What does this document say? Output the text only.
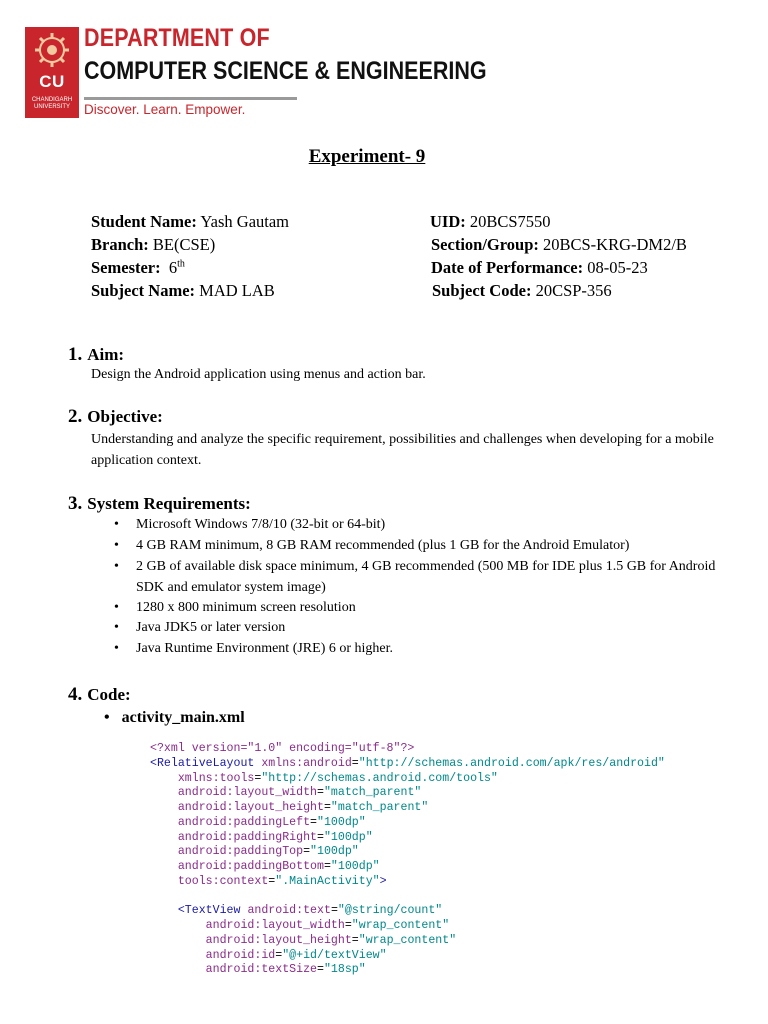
CU
CHANDIGARH
UNIVERSITY
DEPARTMENT OF
COMPUTER SCIENCE & ENGINEERING
Discover. Learn. Empower.
Experiment- 9
Student Name: Yash Gautam	UID: 20BCS7550
Branch: BE(CSE)	Section/Group: 20BCS-KRG-DM2/B
Semester: 6th	Date of Performance: 08-05-23
Subject Name: MAD LAB	Subject Code: 20CSP-356
1. Aim:
Design the Android application using menus and action bar.
2. Objective:
Understanding and analyze the specific requirement, possibilities and challenges when developing for a mobile application context.
3. System Requirements:
•	Microsoft Windows 7/8/10 (32-bit or 64-bit)
•	4 GB RAM minimum, 8 GB RAM recommended (plus 1 GB for the Android Emulator)
•	2 GB of available disk space minimum, 4 GB recommended (500 MB for IDE plus 1.5 GB for Android SDK and emulator system image)
•	1280 x 800 minimum screen resolution
•	Java JDK5 or later version
•	Java Runtime Environment (JRE) 6 or higher.
4. Code:
• activity_main.xml
<?xml version="1.0" encoding="utf-8"?>
<RelativeLayout xmlns:android="http://schemas.android.com/apk/res/android"
xmlns:tools="http://schemas.android.com/tools"
android:layout_width="match_parent"
android:layout_height="match_parent"
android:paddingLeft="100dp"
android:paddingRight="100dp"
android:paddingTop="100dp"
android:paddingBottom="100dp"
tools:context=".MainActivity">

<TextView android:text="@string/count"
android:layout_width="wrap_content"
android:layout_height="wrap_content"
android:id="@+id/textView"
android:textSize="18sp"
